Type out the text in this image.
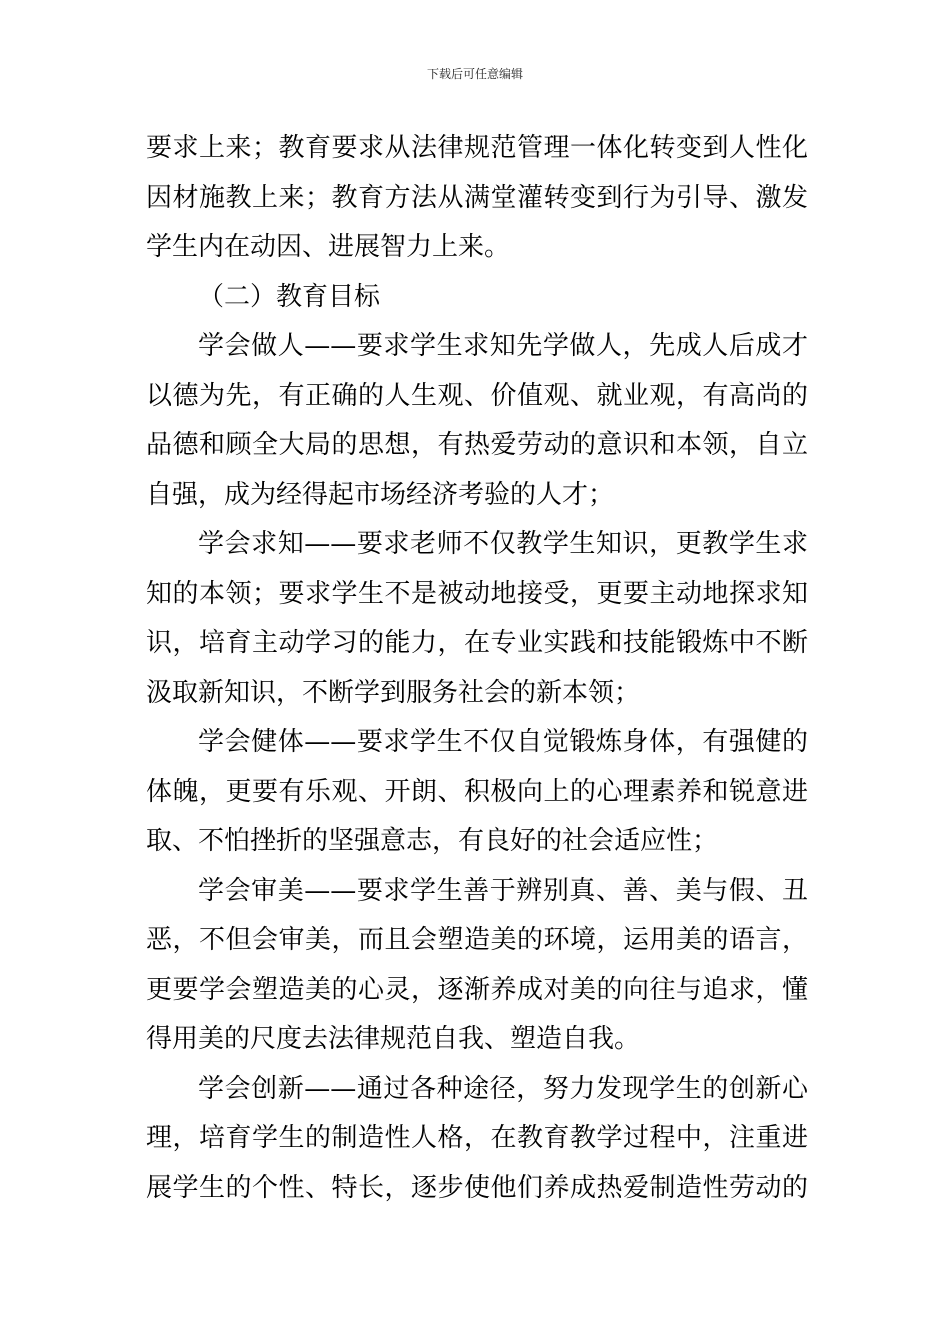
下载后可任意编辑
要求上来；教育要求从法律规范管理一体化转变到人性化
因材施教上来；教育方法从满堂灌转变到行为引导、激发
学生内在动因、进展智力上来。
（二）教育目标
学会做人——要求学生求知先学做人，先成人后成才
以德为先，有正确的人生观、价值观、就业观，有高尚的
品德和顾全大局的思想，有热爱劳动的意识和本领，自立
自强，成为经得起市场经济考验的人才；
学会求知——要求老师不仅教学生知识，更教学生求
知的本领；要求学生不是被动地接受，更要主动地探求知
识，培育主动学习的能力，在专业实践和技能锻炼中不断
汲取新知识，不断学到服务社会的新本领；
学会健体——要求学生不仅自觉锻炼身体，有强健的
体魄，更要有乐观、开朗、积极向上的心理素养和锐意进
取、不怕挫折的坚强意志，有良好的社会适应性；
学会审美——要求学生善于辨别真、善、美与假、丑
恶，不但会审美，而且会塑造美的环境，运用美的语言，
更要学会塑造美的心灵，逐渐养成对美的向往与追求，懂
得用美的尺度去法律规范自我、塑造自我。
学会创新——通过各种途径，努力发现学生的创新心
理，培育学生的制造性人格，在教育教学过程中，注重进
展学生的个性、特长，逐步使他们养成热爱制造性劳动的
